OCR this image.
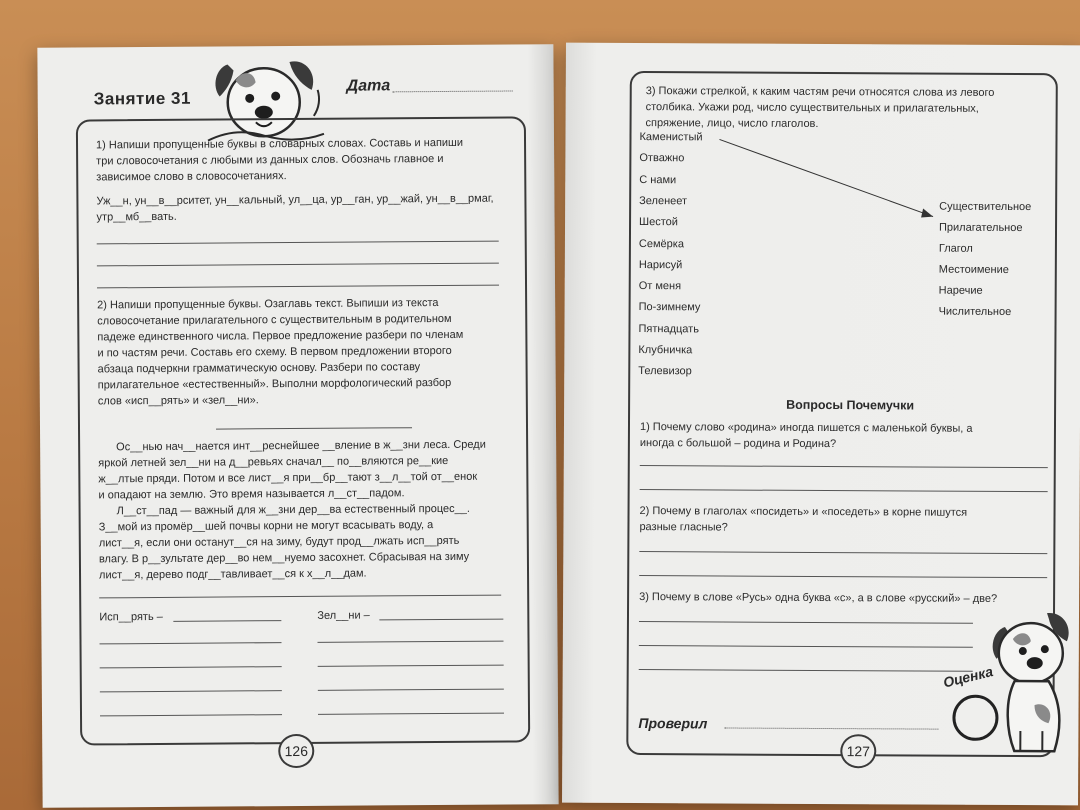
Занятие 31
Дата
1) Напиши пропущенные буквы в словарных словах. Составь и напиши
три словосочетания с любыми из данных слов. Обозначь главное и
зависимое слово в словосочетаниях.
Уж__н, ун__в__рситет, ун__кальный, ул__ца, ур__ган, ур__жай, ун__в__рмаг,
утр__мб__вать.
2) Напиши пропущенные буквы. Озаглавь текст. Выпиши из текста
словосочетание прилагательного с существительным в родительном
падеже единственного числа. Первое предложение разбери по членам
и по частям речи. Составь его схему. В первом предложении второго
абзаца подчеркни грамматическую основу. Разбери по составу
прилагательное «естественный». Выполни морфологический разбор
слов «исп__рять» и «зел__ни».
Ос__нью нач__нается инт__реснейшее __вление в ж__зни леса. Среди
яркой летней зел__ни на д__ревьях сначал__ по__вляются ре__кие
ж__лтые пряди. Потом и все лист__я при__бр__тают з__л__той от__енок
и опадают на землю. Это время называется л__ст__падом.
Л__ст__пад — важный для ж__зни дер__ва естественный процес__.
З__мой из промёр__шей почвы корни не могут всасывать воду, а
лист__я, если они останут__ся на зиму, будут прод__лжать исп__рять
влагу. В р__зультате дер__во нем__нуемо засохнет. Сбрасывая на зиму
лист__я, дерево подг__тавливает__ся к х__л__дам.
Исп__рять –	Зел__ни –
126
3) Покажи стрелкой, к каким частям речи относятся слова из левого
столбика. Укажи род, число существительных и прилагательных,
спряжение, лицо, число глаголов.
Каменистый
Отважно
С нами
Зеленеет
Шестой
Семёрка
Нарисуй
От меня
По-зимнему
Пятнадцать
Клубничка
Телевизор
Существительное
Прилагательное
Глагол
Местоимение
Наречие
Числительное
Вопросы Почемучки
1) Почему слово «родина» иногда пишется с маленькой буквы, а
иногда с большой – родина и Родина?
2) Почему в глаголах «посидеть» и «поседеть» в корне пишутся
разные гласные?
3) Почему в слове «Русь» одна буква «с», а в слове «русский» – две?
Проверил
Оценка
127
